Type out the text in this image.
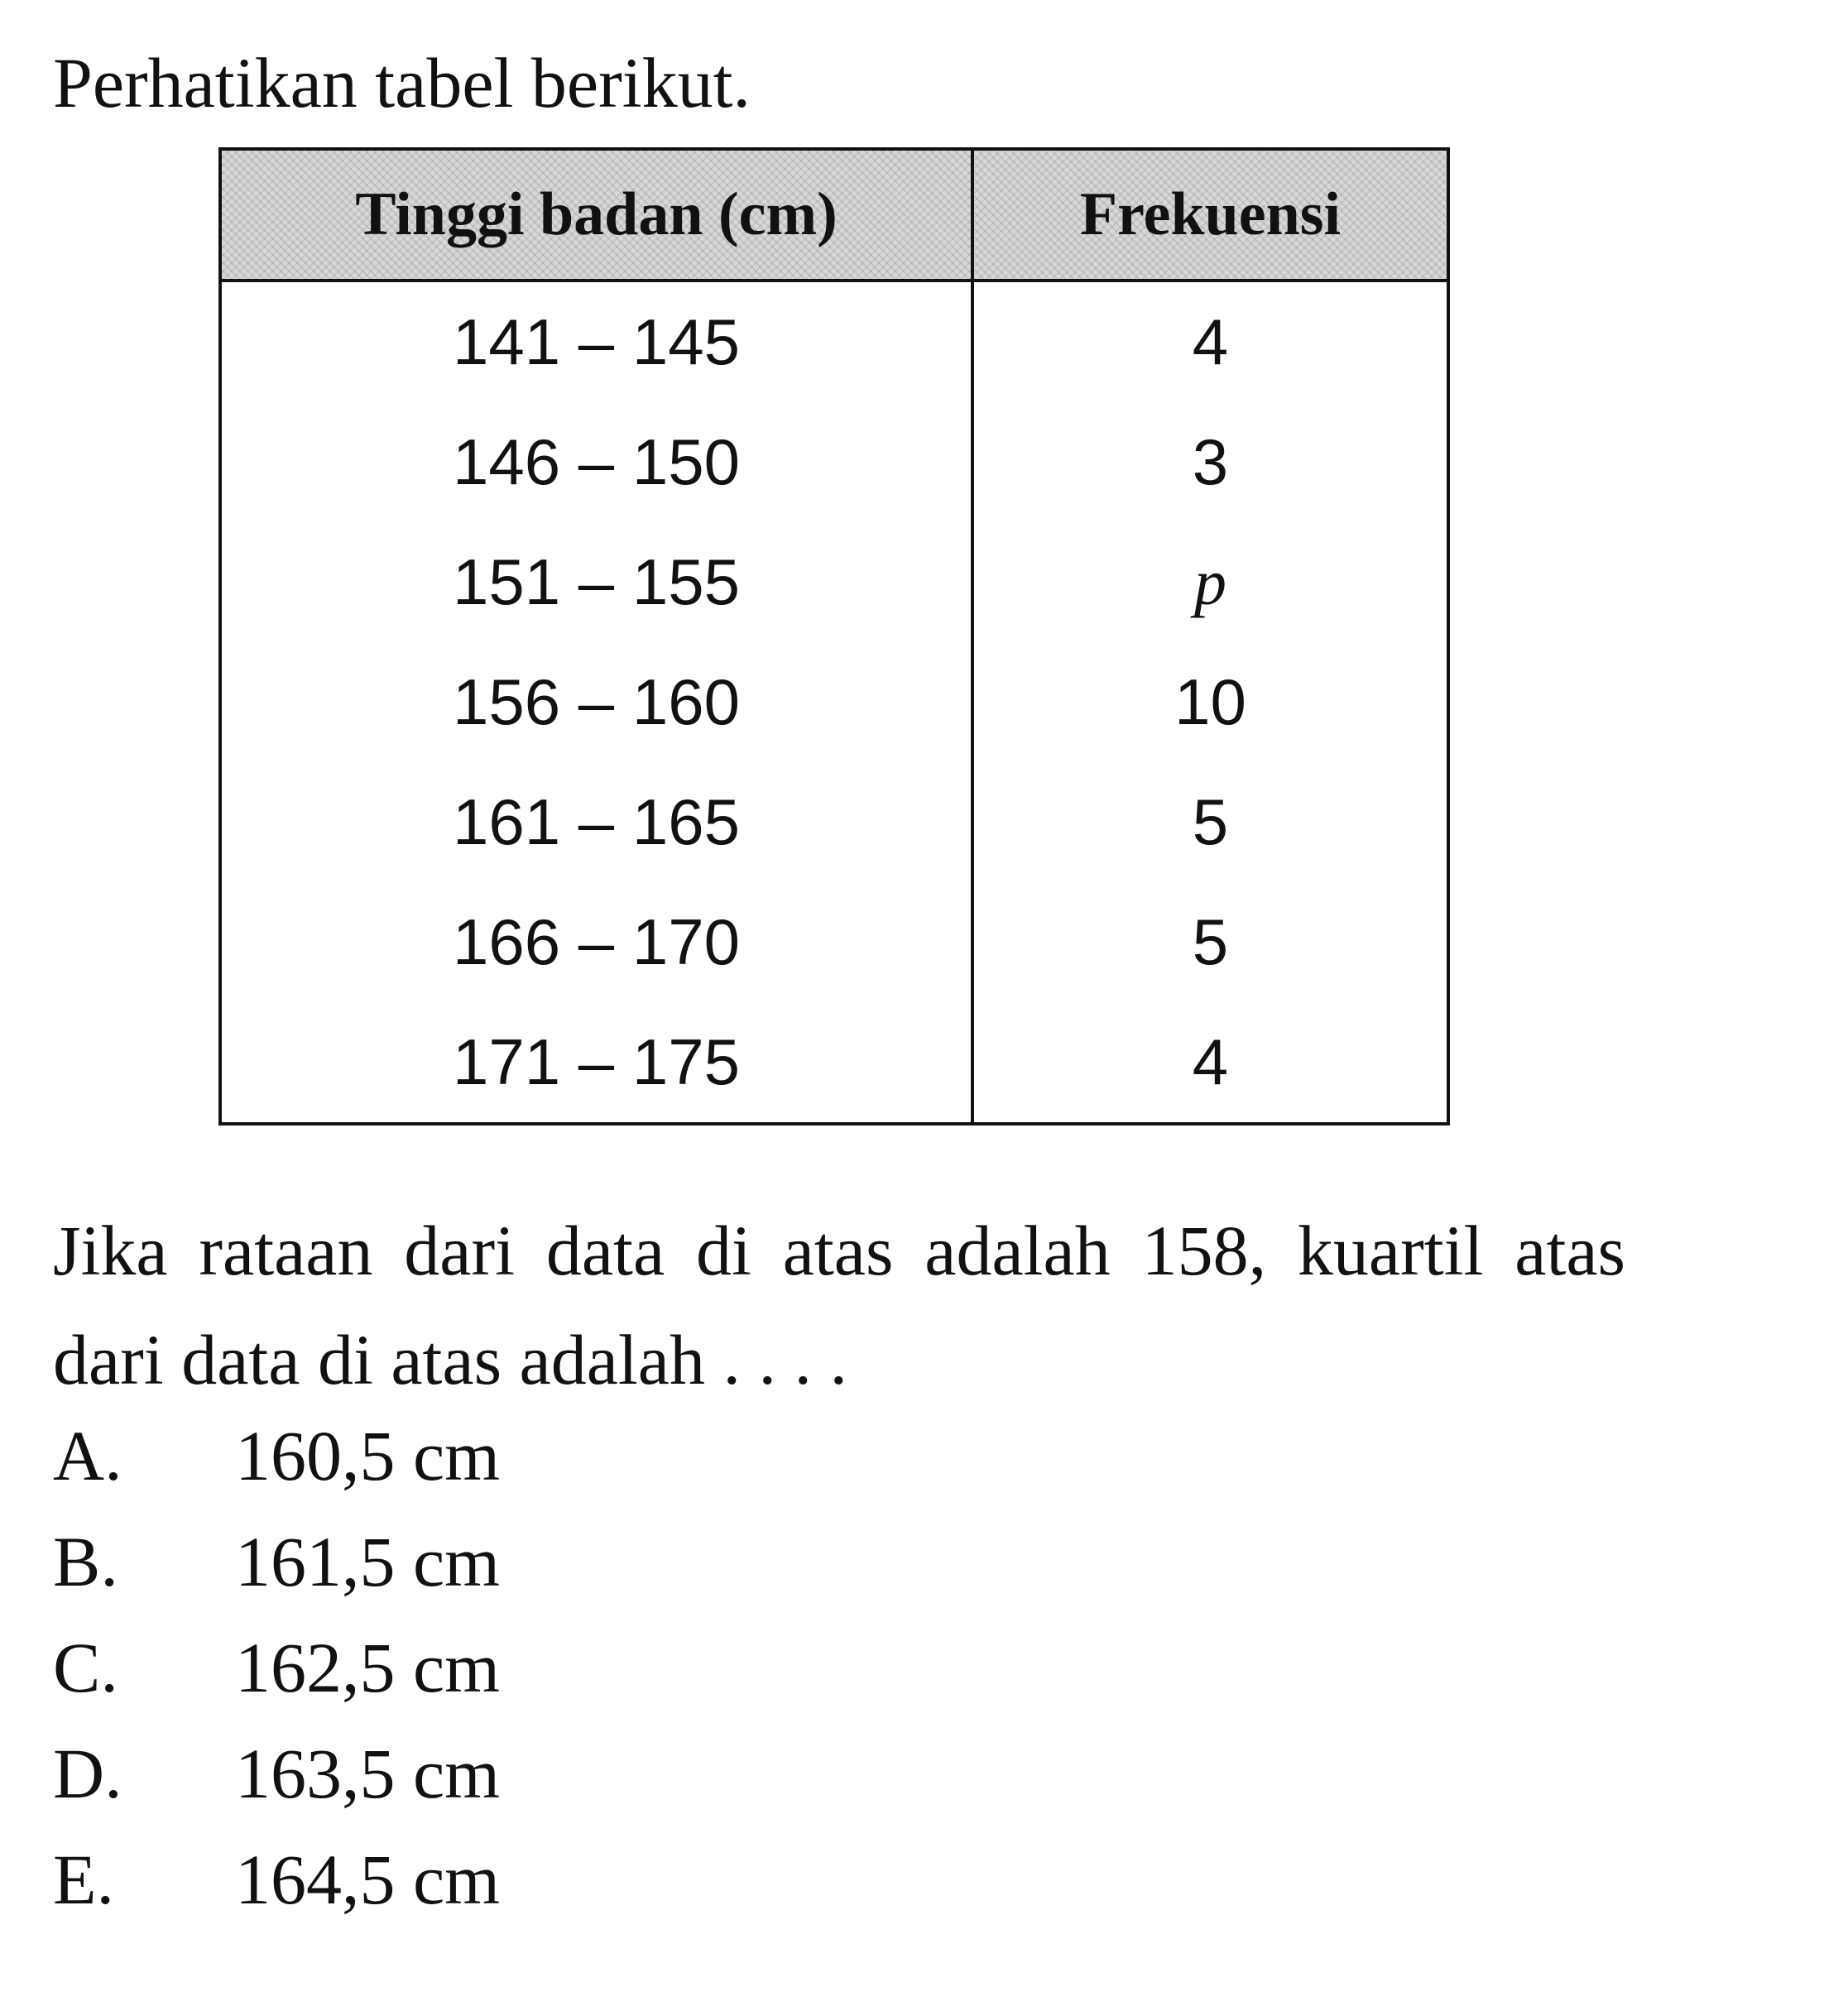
Perhatikan tabel berikut.

Tinggi badan (cm)	Frekuensi
141 – 145	4
146 – 150	3
151 – 155	p
156 – 160	10
161 – 165	5
166 – 170	5
171 – 175	4

Jika rataan dari data di atas adalah 158, kuartil atas dari data di atas adalah . . . .

A.	160,5 cm
B.	161,5 cm
C.	162,5 cm
D.	163,5 cm
E.	164,5 cm
